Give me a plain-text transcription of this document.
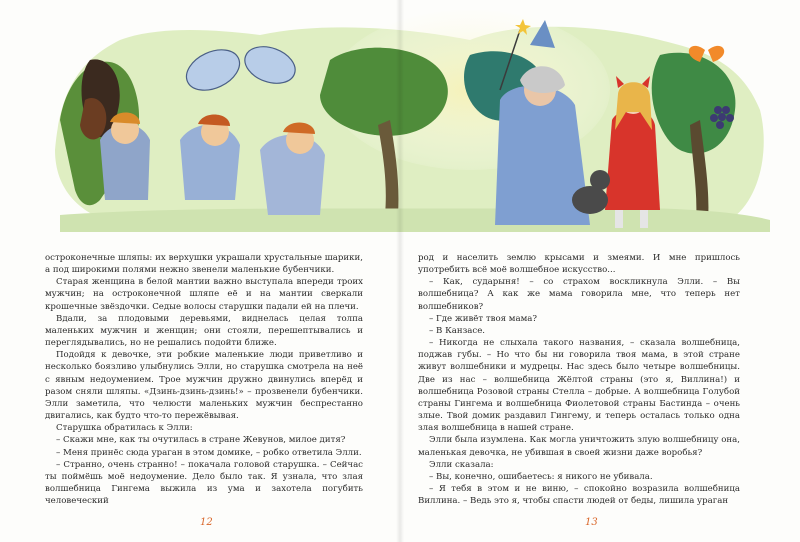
остроконечные шляпы: их верхушки украшали хрустальные шарики, а под широкими полями нежно звенели маленькие бубенчики.

Старая женщина в белой мантии важно выступала впереди троих мужчин; на остроконечной шляпе её и на мантии сверкали крошечные звёздочки. Седые волосы старушки падали ей на плечи.

Вдали, за плодовыми деревьями, виднелась целая толпа маленьких мужчин и женщин; они стояли, перешептывались и переглядывались, но не решались подойти ближе.

Подойдя к девочке, эти робкие маленькие люди приветливо и несколько боязливо улыбнулись Элли, но старушка смотрела на неё с явным недоумением. Трое мужчин дружно двинулись вперёд и разом сняли шляпы. «Дзинь-дзинь-дзинь!» – прозвенели бубенчики. Элли заметила, что челюсти маленьких мужчин беспрестанно двигались, как будто что-то пережёвывая.

Старушка обратилась к Элли:

– Скажи мне, как ты очутилась в стране Жевунов, милое дитя?

– Меня принёс сюда ураган в этом домике, – робко ответила Элли.

– Странно, очень странно! – покачала головой старушка. – Сейчас ты поймёшь моё недоумение. Дело было так. Я узнала, что злая волшебница Гингема выжила из ума и захотела погубить человеческий

род и населить землю крысами и змеями. И мне пришлось употребить всё моё волшебное искусство...

– Как, сударыня! – со страхом воскликнула Элли. – Вы волшебница? А как же мама говорила мне, что теперь нет волшебников?

– Где живёт твоя мама?

– В Канзасе.

– Никогда не слыхала такого названия, – сказала волшебница, поджав губы. – Но что бы ни говорила твоя мама, в этой стране живут волшебники и мудрецы. Нас здесь было четыре волшебницы. Две из нас – волшебница Жёлтой страны (это я, Виллина!) и волшебница Розовой страны Стелла – добрые. А волшебница Голубой страны Гингема и волшебница Фиолетовой страны Бастинда – очень злые. Твой домик раздавил Гингему, и теперь осталась только одна злая волшебница в нашей стране.

Элли была изумлена. Как могла уничтожить злую волшебницу она, маленькая девочка, не убившая в своей жизни даже воробья?

Элли сказала:

– Вы, конечно, ошибаетесь: я никого не убивала.

– Я тебя в этом и не виню, – спокойно возразила волшебница Виллина. – Ведь это я, чтобы спасти людей от беды, лишила ураган

12	13
